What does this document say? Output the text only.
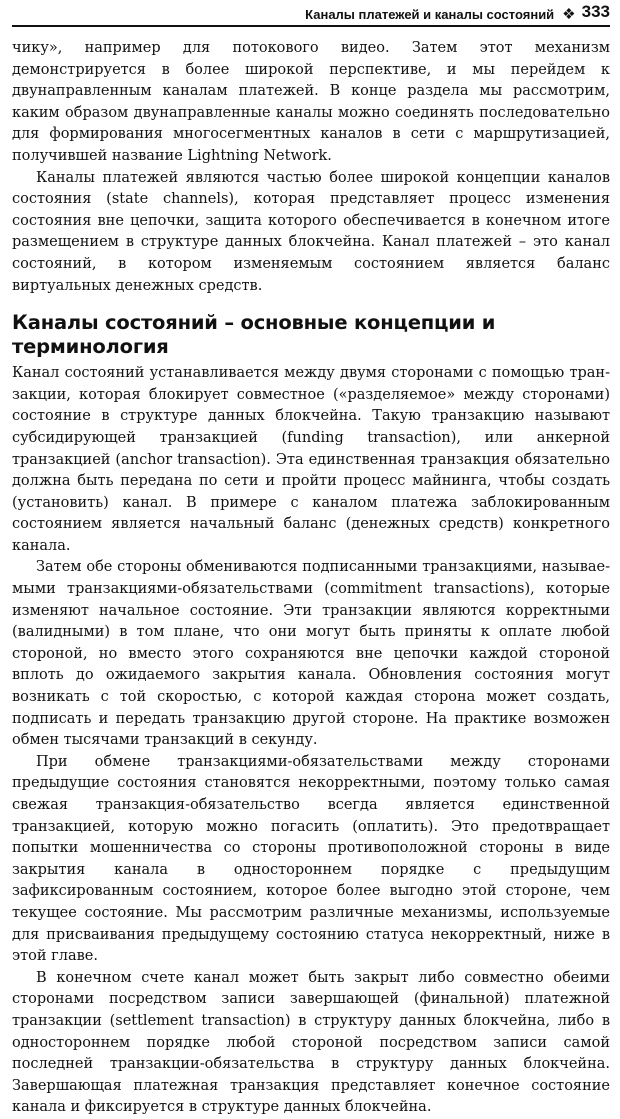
Каналы платежей и каналы состояний ❖ 333

чику», например для потокового видео. Затем этот механизм демонстрируется в более широкой перспективе, и мы перейдем к двунаправленным каналам платежей. В конце раздела мы рассмотрим, каким образом двунаправленные каналы можно соединять последовательно для формирования многосегментных каналов в сети с маршрутизацией, получившей название Lightning Network.

Каналы платежей являются частью более широкой концепции каналов состояния (state channels), которая представляет процесс изменения состояния вне цепочки, защита которого обеспечивается в конечном итоге размещением в структуре данных блокчейна. Канал платежей – это канал состояний, в котором изменяемым состоянием является баланс виртуальных денежных средств.

Каналы состояний – основные концепции и терминология

Канал состояний устанавливается между двумя сторонами с помощью транзакции, которая блокирует совместное («разделяемое» между сторонами) состояние в структуре данных блокчейна. Такую транзакцию называют субсидирующей транзакцией (funding transaction), или анкерной транзакцией (anchor transaction). Эта единственная транзакция обязательно должна быть передана по сети и пройти процесс майнинга, чтобы создать (установить) канал. В примере с каналом платежа заблокированным состоянием является начальный баланс (денежных средств) конкретного канала.

Затем обе стороны обмениваются подписанными транзакциями, называемыми транзакциями-обязательствами (commitment transactions), которые изменяют начальное состояние. Эти транзакции являются корректными (валидными) в том плане, что они могут быть приняты к оплате любой стороной, но вместо этого сохраняются вне цепочки каждой стороной вплоть до ожидаемого закрытия канала. Обновления состояния могут возникать с той скоростью, с которой каждая сторона может создать, подписать и передать транзакцию другой стороне. На практике возможен обмен тысячами транзакций в секунду.

При обмене транзакциями-обязательствами между сторонами предыдущие состояния становятся некорректными, поэтому только самая свежая транзакция-обязательство всегда является единственной транзакцией, которую можно погасить (оплатить). Это предотвращает попытки мошенничества со стороны противоположной стороны в виде закрытия канала в одностороннем порядке с предыдущим зафиксированным состоянием, которое более выгодно этой стороне, чем текущее состояние. Мы рассмотрим различные механизмы, используемые для присваивания предыдущему состоянию статуса некорректный, ниже в этой главе.

В конечном счете канал может быть закрыт либо совместно обеими сторонами посредством записи завершающей (финальной) платежной транзакции (settlement transaction) в структуру данных блокчейна, либо в одностороннем порядке любой стороной посредством записи самой последней транзакции-обязательства в структуру данных блокчейна. Завершающая платежная транзакция представляет конечное состояние канала и фиксируется в структуре данных блокчейна.
